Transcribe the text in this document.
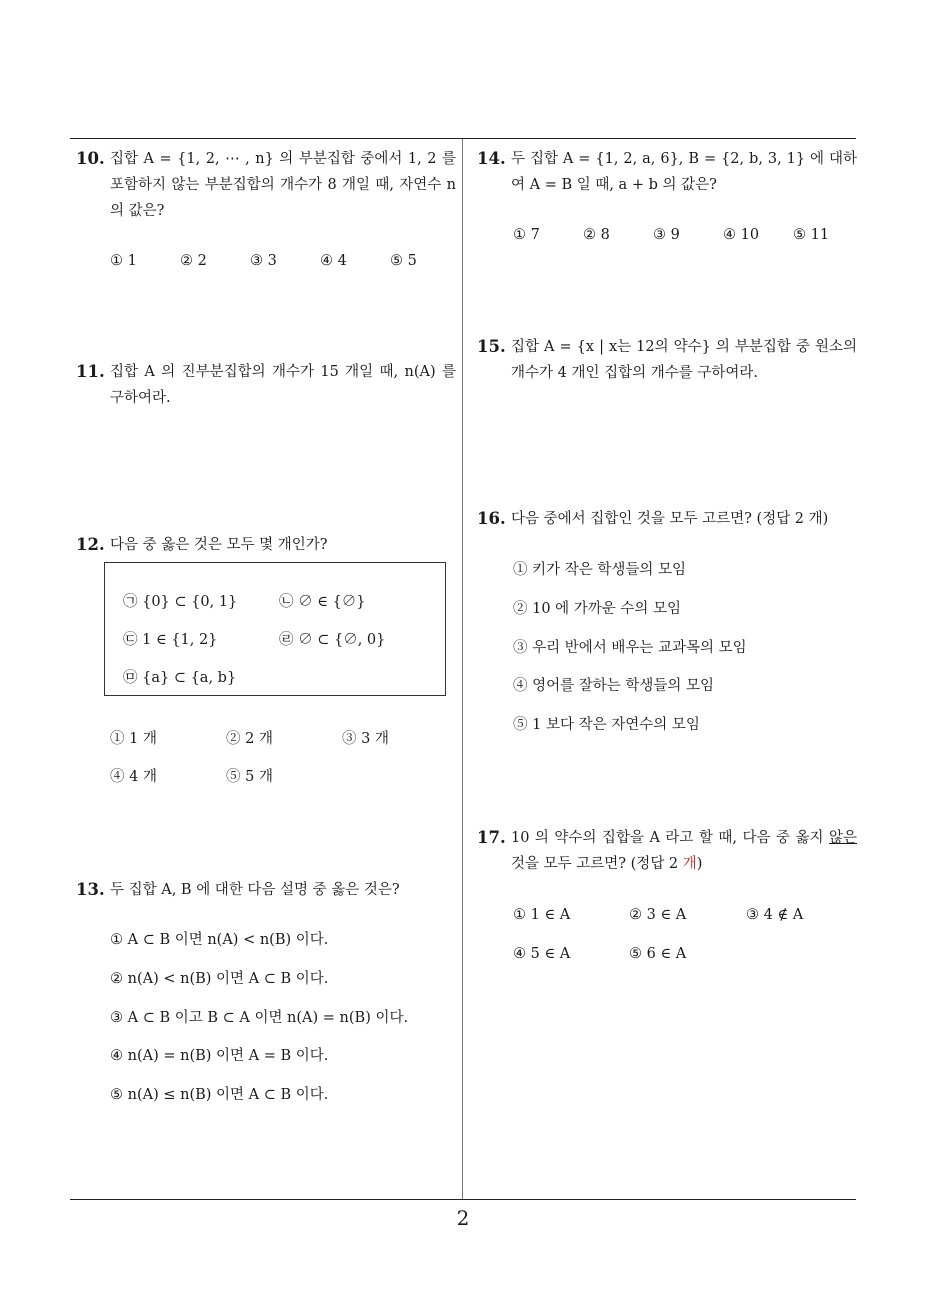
10. 집합 A = {1, 2, ⋯ , n} 의 부분집합 중에서 1, 2 를 포함하지 않는 부분집합의 개수가 8 개일 때, 자연수 n 의 값은?
① 1	② 2	③ 3	④ 4	⑤ 5
11. 집합 A 의 진부분집합의 개수가 15 개일 때, n(A) 를 구하여라.
12. 다음 중 옳은 것은 모두 몇 개인가?
㉠ {0} ⊂ {0, 1}	㉡ ∅ ∈ {∅}
㉢ 1 ∈ {1, 2}	㉣ ∅ ⊂ {∅, 0}
㉤ {a} ⊂ {a, b}
① 1 개	② 2 개	③ 3 개
④ 4 개	⑤ 5 개
13. 두 집합 A, B 에 대한 다음 설명 중 옳은 것은?
① A ⊂ B 이면 n(A) < n(B) 이다.
② n(A) < n(B) 이면 A ⊂ B 이다.
③ A ⊂ B 이고 B ⊂ A 이면 n(A) = n(B) 이다.
④ n(A) = n(B) 이면 A = B 이다.
⑤ n(A) ≤ n(B) 이면 A ⊂ B 이다.
14. 두 집합 A = {1, 2, a, 6}, B = {2, b, 3, 1} 에 대하여 A = B 일 때, a + b 의 값은?
① 7	② 8	③ 9	④ 10 ⑤ 11
15. 집합 A = {x | x는 12의 약수} 의 부분집합 중 원소의 개수가 4 개인 집합의 개수를 구하여라.
16. 다음 중에서 집합인 것을 모두 고르면? (정답 2 개)
① 키가 작은 학생들의 모임
② 10 에 가까운 수의 모임
③ 우리 반에서 배우는 교과목의 모임
④ 영어를 잘하는 학생들의 모임
⑤ 1 보다 작은 자연수의 모임
17. 10 의 약수의 집합을 A 라고 할 때, 다음 중 옳지 않은 것을 모두 고르면? (정답 2 개)
① 1 ∈ A	② 3 ∈ A	③ 4 ∉ A
④ 5 ∈ A	⑤ 6 ∈ A
2
